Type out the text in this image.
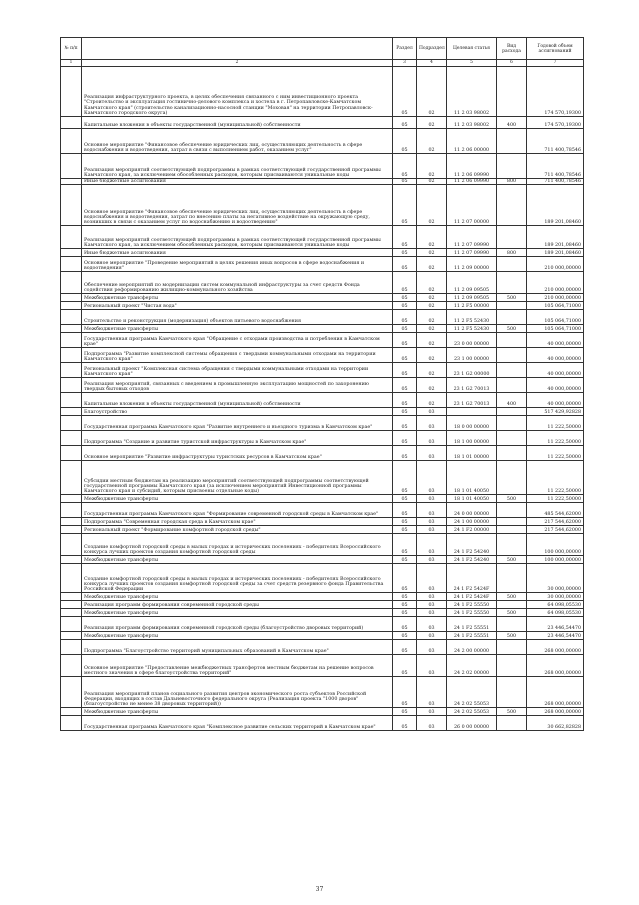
№ п/п		Раздел	Подраздел	Целевая статья	Вид расхода	Годовой объем ассигнований
1	2	3	4	5	6	7
	Реализация инфраструктурного проекта, в целях обеспечения связанного с ним инвестиционного проекта "Строительство и эксплуатация гостинично-делового комплекса и хостела в г. Петропавловске-Камчатском Камчатского края" (строительство канализационно-насосной станции "Моховая" на территории Петропавловск-Камчатского городского округа)	05	02	11 2 03 98002		174 570,19300
	Капитальные вложения в объекты государственной (муниципальной) собственности	05	02	11 2 03 98002	400	174 570,19300
	Основное мероприятие "Финансовое обеспечение юридических лиц, осуществляющих деятельность в сфере водоснабжения и водоотведения, затрат в связи с выполнением работ, оказанием услуг"	05	02	11 2 06 00000		711 400,78546
	Реализация мероприятий соответствующей подпрограммы в рамках соответствующей государственной программы Камчатского края, за исключением обособленных расходов, которым присваиваются уникальные коды	05	02	11 2 06 09990		711 400,78546
	Иные бюджетные ассигнования	05	02	11 2 06 09990	800	711 400,78546
	Основное мероприятие "Финансовое обеспечение юридических лиц, осуществляющих деятельность в сфере водоснабжения и водоотведения, затрат по внесению платы за негативное воздействие на окружающую среду, возникших в связи с оказанием услуг по водоснабжению и водоотведению"	05	02	11 2 07 00000		189 201,08460
	Реализация мероприятий соответствующей подпрограммы в рамках соответствующей государственной программы Камчатского края, за исключением обособленных расходов, которым присваиваются уникальные коды	05	02	11 2 07 09990		189 201,08460
	Иные бюджетные ассигнования	05	02	11 2 07 09990	800	189 201,08460
	Основное мероприятие "Проведение мероприятий в целях решения иных вопросов в сфере водоснабжения и водоотведения"	05	02	11 2 09 00000		210 000,00000
	Обеспечение мероприятий по модернизации систем коммунальной инфраструктуры за счет средств Фонда содействия реформированию жилищно-коммунального хозяйства	05	02	11 2 09 09505		210 000,00000
	Межбюджетные трансферты	05	02	11 2 09 09505	500	210 000,00000
	Региональный проект "Чистая вода"	05	02	11 2 F5 00000		105 064,71000
	Строительство и реконструкция (модернизация) объектов питьевого водоснабжения	05	02	11 2 F5 52430		105 064,71000
	Межбюджетные трансферты	05	02	11 2 F5 52430	500	105 064,71000
	Государственная программа Камчатского края "Обращение с отходами производства и потребления в Камчатском крае"	05	02	23 0 00 00000		40 000,00000
	Подпрограмма "Развитие комплексной системы обращения с твердыми коммунальными отходами на территории Камчатского края"	05	02	23 1 00 00000		40 000,00000
	Региональный проект "Комплексная система обращения с твердыми коммунальными отходами на территории Камчатского края"	05	02	23 1 G2 00000		40 000,00000
	Реализация мероприятий, связанных с введением в промышленную эксплуатацию мощностей по захоронению твердых бытовых отходов	05	02	23 1 G2 70013		40 000,00000
	Капитальные вложения в объекты государственной (муниципальной) собственности	05	02	23 1 G2 70013	400	40 000,00000
	Благоустройство	05	03			517 429,92828
	Государственная программа Камчатского края "Развитие внутреннего и въездного туризма в Камчатском крае"	05	03	18 0 00 00000		11 222,50000
	Подпрограмма "Создание и развитие туристской инфраструктуры в Камчатском крае"	05	03	18 1 00 00000		11 222,50000
	Основное мероприятие "Развитие инфраструктуры туристских ресурсов в Камчатском крае"	05	03	18 1 01 00000		11 222,50000
	Субсидии местным бюджетам на реализацию мероприятий соответствующей подпрограммы соответствующей государственной программы Камчатского края (за исключением мероприятий Инвестиционной программы Камчатского края и субсидий, которым присвоены отдельные коды)	05	03	18 1 01 40050		11 222,50000
	Межбюджетные трансферты	05	03	18 1 01 40050	500	11 222,50000
	Государственная программа Камчатского края "Формирование современной городской среды в Камчатском крае"	05	03	24 0 00 00000		485 544,62000
	Подпрограмма "Современная городская среда в Камчатском крае"	05	03	24 1 00 00000		217 544,62000
	Региональный проект "Формирование комфортной городской среды"	05	03	24 1 F2 00000		217 544,62000
	Создание комфортной городской среды в малых городах и исторических поселениях - победителях Всероссийского конкурса лучших проектов создания комфортной городской среды	05	03	24 1 F2 54240		100 000,00000
	Межбюджетные трансферты	05	03	24 1 F2 54240	500	100 000,00000
	Создание комфортной городской среды в малых городах и исторических поселениях - победителях Всероссийского конкурса лучших проектов создания комфортной городской среды за счет средств резервного фонда Правительства Российской Федерации	05	03	24 1 F2 5424F		30 000,00000
	Межбюджетные трансферты	05	03	24 1 F2 5424F	500	30 000,00000
	Реализация программ формирования современной городской среды	05	03	24 1 F2 55550		64 098,05530
	Межбюджетные трансферты	05	03	24 1 F2 55550	500	64 098,05530
	Реализация программ формирования современной городской среды (благоустройство дворовых территорий)	05	03	24 1 F2 55551		23 446,54470
	Межбюджетные трансферты	05	03	24 1 F2 55551	500	23 446,54470
	Подпрограмма "Благоустройство территорий муниципальных образований в Камчатском крае"	05	03	24 2 00 00000		268 000,00000
	Основное мероприятие "Предоставление межбюджетных трансфертов местным бюджетам на решение вопросов местного значения в сфере благоустройства территорий"	05	03	24 2 02 00000		268 000,00000
	Реализация мероприятий планов социального развития центров экономического роста субъектов Российской Федерации, входящих в состав Дальневосточного федерального округа (Реализация проекта "1000 дворов" (благоустройство не менее 38 дворовых территорий))	05	03	24 2 02 55053		268 000,00000
	Межбюджетные трансферты	05	03	24 2 02 55053	500	268 000,00000
	Государственная программа Камчатского края "Комплексное развитие сельских территорий в Камчатском крае"	05	03	26 0 00 00000		30 662,82828
37
